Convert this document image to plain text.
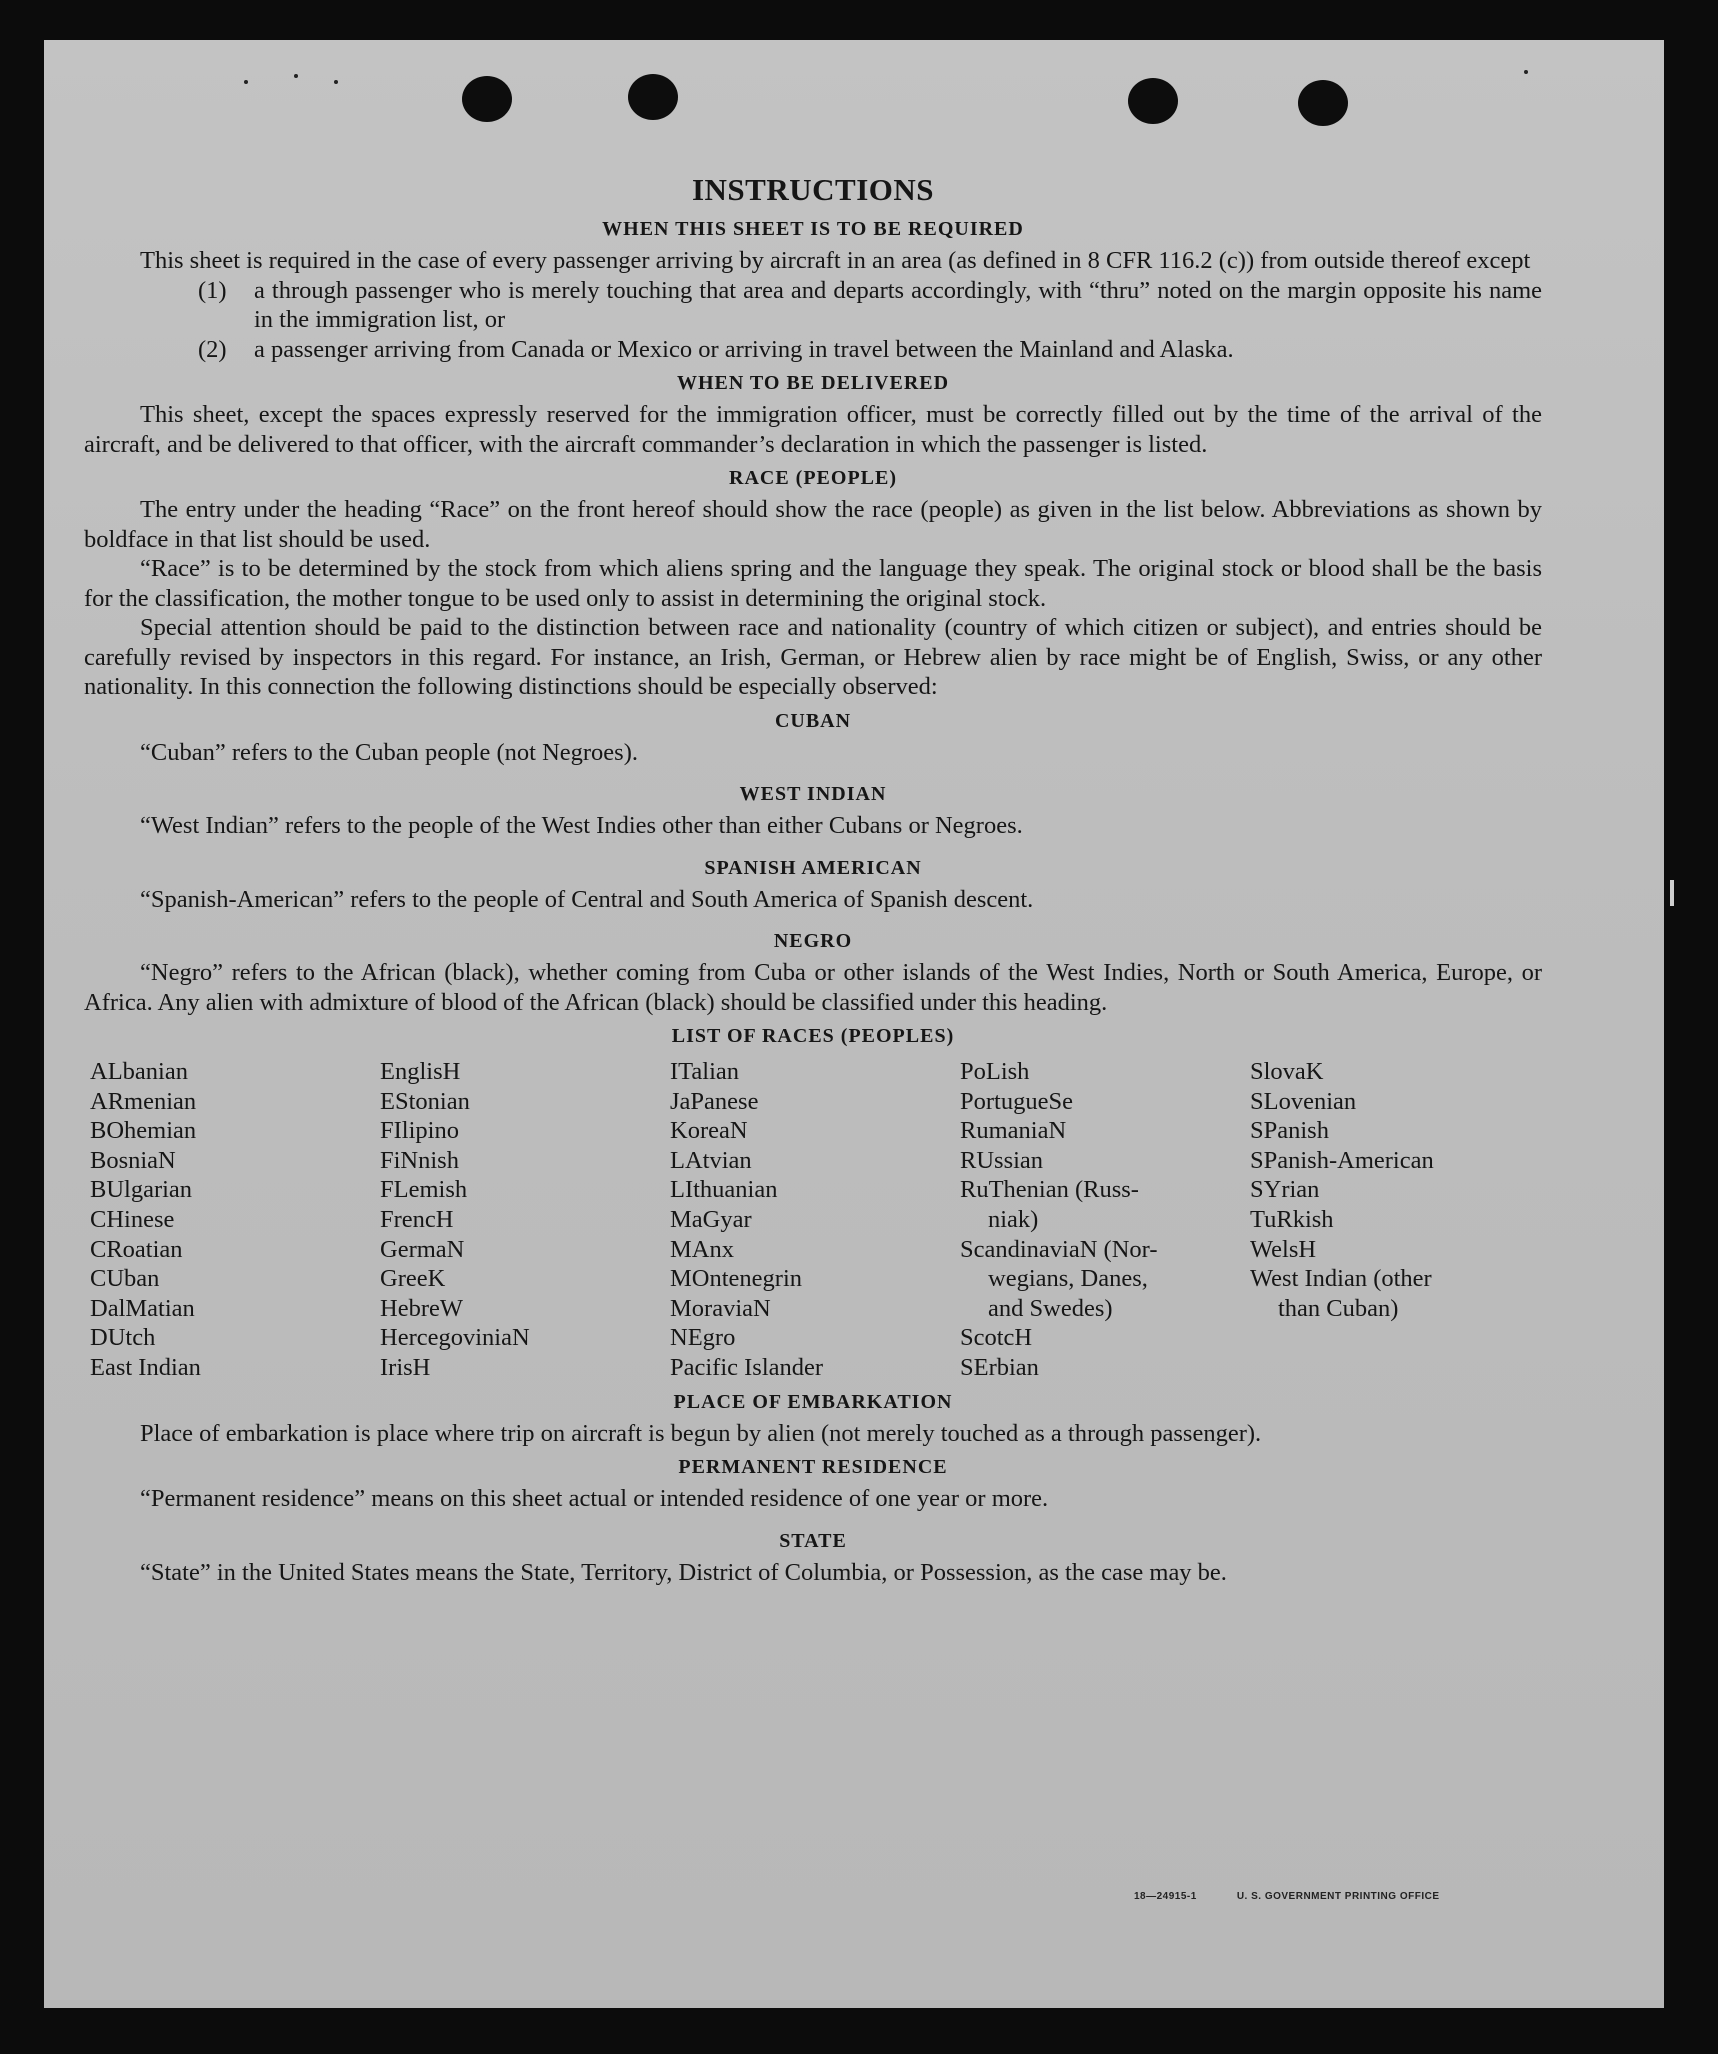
INSTRUCTIONS
WHEN THIS SHEET IS TO BE REQUIRED

This sheet is required in the case of every passenger arriving by aircraft in an area (as defined in 8 CFR 116.2 (c)) from outside thereof except

(1)	a through passenger who is merely touching that area and departs accordingly, with “thru” noted on the margin opposite his name in the immigration list, or
(2)	a passenger arriving from Canada or Mexico or arriving in travel between the Mainland and Alaska.
WHEN TO BE DELIVERED

This sheet, except the spaces expressly reserved for the immigration officer, must be correctly filled out by the time of the arrival of the aircraft, and be delivered to that officer, with the aircraft commander’s declaration in which the passenger is listed.

RACE (PEOPLE)

The entry under the heading “Race” on the front hereof should show the race (people) as given in the list below. Abbreviations as shown by boldface in that list should be used.

“Race” is to be determined by the stock from which aliens spring and the language they speak. The original stock or blood shall be the basis for the classification, the mother tongue to be used only to assist in determining the original stock.

Special attention should be paid to the distinction between race and nationality (country of which citizen or subject), and entries should be carefully revised by inspectors in this regard. For instance, an Irish, German, or Hebrew alien by race might be of English, Swiss, or any other nationality. In this connection the following distinctions should be especially observed:

CUBAN

“Cuban” refers to the Cuban people (not Negroes).

WEST INDIAN

“West Indian” refers to the people of the West Indies other than either Cubans or Negroes.

SPANISH AMERICAN

“Spanish-American” refers to the people of Central and South America of Spanish descent.

NEGRO

“Negro” refers to the African (black), whether coming from Cuba or other islands of the West Indies, North or South America, Europe, or Africa. Any alien with admixture of blood of the African (black) should be classified under this heading.

LIST OF RACES (PEOPLES)
ALbanian
ARmenian
BOhemian
BosniaN
BUlgarian
CHinese
CRoatian
CUban
DalMatian
DUtch
East Indian
EnglisH
EStonian
FIlipino
FiNnish
FLemish
FrencH
GermaN
GreeK
HebreW
HercegoviniaN
IrisH
ITalian
JaPanese
KoreaN
LAtvian
LIthuanian
MaGyar
MAnx
MOntenegrin
MoraviaN
NEgro
Pacific Islander
PoLish
PortugueSe
RumaniaN
RUssian
RuThenian (Russ-
niak)
ScandinaviaN (Nor-
wegians, Danes,
and Swedes)
ScotcH
SErbian
SlovaK
SLovenian
SPanish
SPanish-American
SYrian
TuRkish
WelsH
West Indian (other
than Cuban)
PLACE OF EMBARKATION

Place of embarkation is place where trip on aircraft is begun by alien (not merely touched as a through passenger).

PERMANENT RESIDENCE

“Permanent residence” means on this sheet actual or intended residence of one year or more.

STATE

“State” in the United States means the State, Territory, District of Columbia, or Possession, as the case may be.

18—24915-1	U. S. GOVERNMENT PRINTING OFFICE
